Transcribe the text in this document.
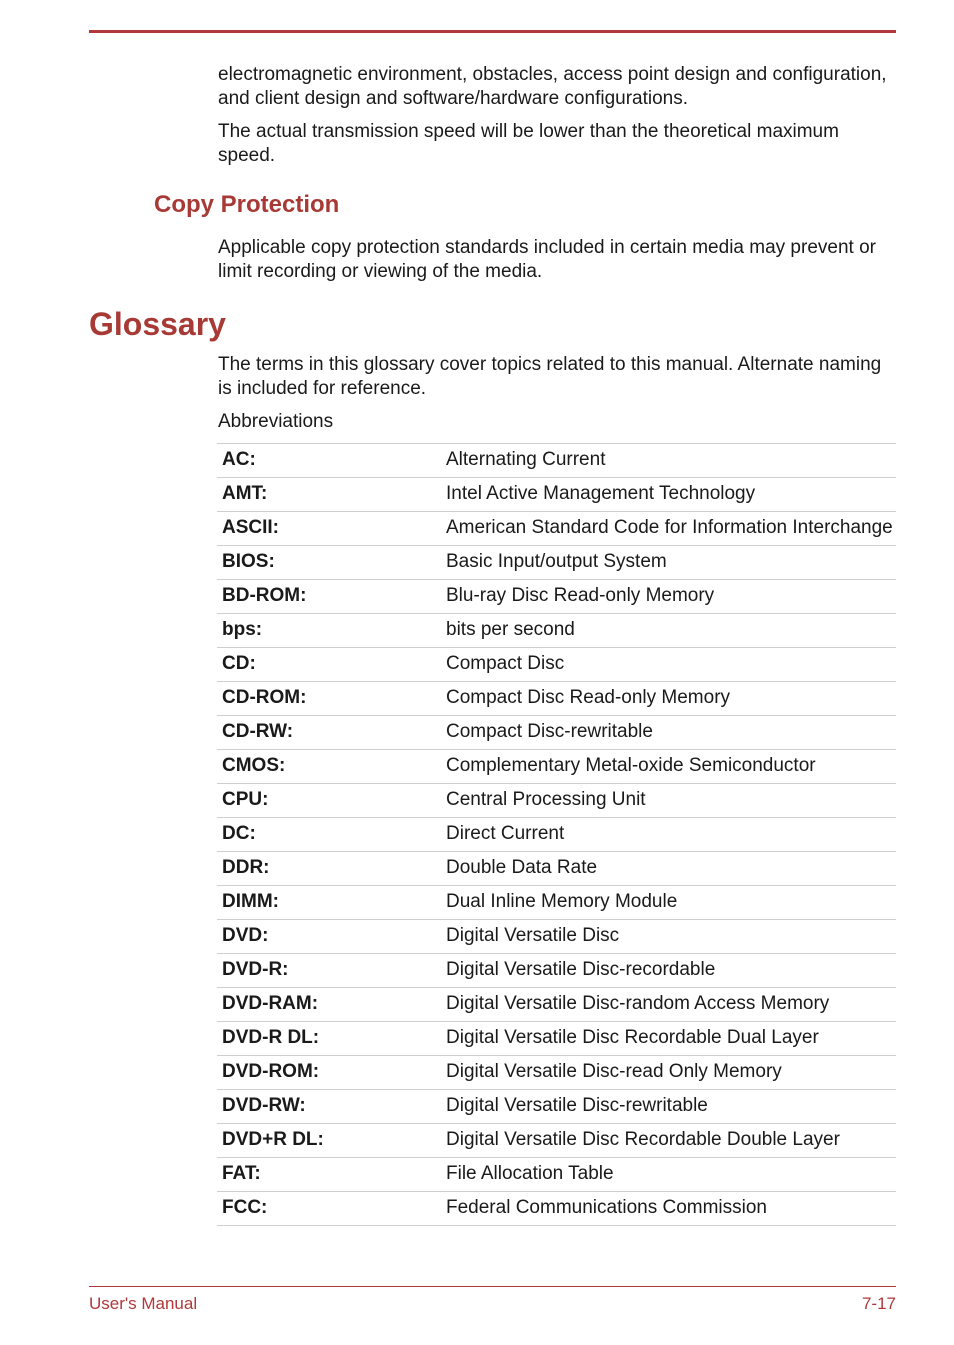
electromagnetic environment, obstacles, access point design and configuration, and client design and software/hardware configurations.

The actual transmission speed will be lower than the theoretical maximum speed.

Copy Protection

Applicable copy protection standards included in certain media may prevent or limit recording or viewing of the media.

Glossary

The terms in this glossary cover topics related to this manual. Alternate naming is included for reference.

Abbreviations

AC:	Alternating Current
AMT:	Intel Active Management Technology
ASCII:	American Standard Code for Information Interchange
BIOS:	Basic Input/output System
BD-ROM:	Blu-ray Disc Read-only Memory
bps:	bits per second
CD:	Compact Disc
CD-ROM:	Compact Disc Read-only Memory
CD-RW:	Compact Disc-rewritable
CMOS:	Complementary Metal-oxide Semiconductor
CPU:	Central Processing Unit
DC:	Direct Current
DDR:	Double Data Rate
DIMM:	Dual Inline Memory Module
DVD:	Digital Versatile Disc
DVD-R:	Digital Versatile Disc-recordable
DVD-RAM:	Digital Versatile Disc-random Access Memory
DVD-R DL:	Digital Versatile Disc Recordable Dual Layer
DVD-ROM:	Digital Versatile Disc-read Only Memory
DVD-RW:	Digital Versatile Disc-rewritable
DVD+R DL:	Digital Versatile Disc Recordable Double Layer
FAT:	File Allocation Table
FCC:	Federal Communications Commission
User's Manual	7-17
